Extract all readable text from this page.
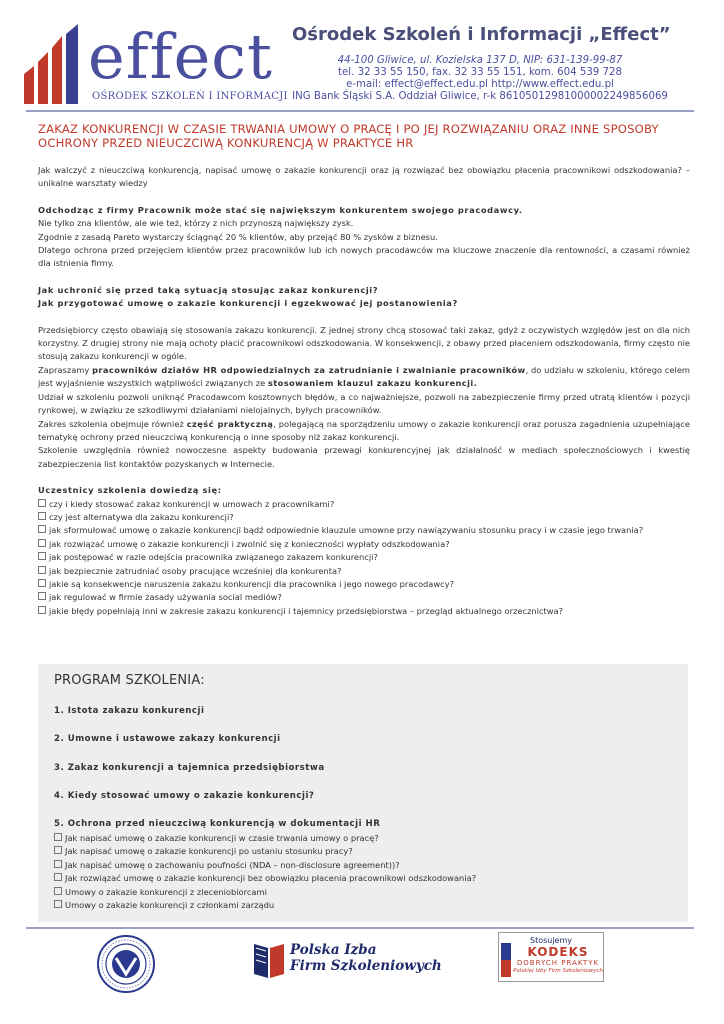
effect
OŚRODEK SZKOLEŃ I INFORMACJI
Ośrodek Szkoleń i Informacji „Effect”
44-100 Gliwice, ul. Kozielska 137 D, NIP: 631-139-99-87
tel. 32 33 55 150, fax. 32 33 55 151, kom. 604 539 728
e-mail: effect@effect.edu.pl http://www.effect.edu.pl
ING Bank Śląski S.A. Oddział Gliwice, r-k 86105012981000002249856069
ZAKAZ KONKURENCJI W CZASIE TRWANIA UMOWY O PRACĘ I PO JEJ ROZWIĄZANIU ORAZ INNE SPOSOBY OCHRONY PRZED NIEUCZCIWĄ KONKURENCJĄ W PRAKTYCE HR

Jak walczyć z nieuczciwą konkurencją, napisać umowę o zakazie konkurencji oraz ją rozwiązać bez obowiązku płacenia pracownikowi odszkodowania? – unikalne warsztaty wiedzy

Odchodząc z firmy Pracownik może stać się największym konkurentem swojego pracodawcy.

Nie tylko zna klientów, ale wie też, którzy z nich przynoszą największy zysk.

Zgodnie z zasadą Pareto wystarczy ściągnąć 20 % klientów, aby przejąć 80 % zysków z biznesu.

Dlatego ochrona przed przejęciem klientów przez pracowników lub ich nowych pracodawców ma kluczowe znaczenie dla rentowności, a czasami również dla istnienia firmy.

Jak uchronić się przed taką sytuacją stosując zakaz konkurencji?

Jak przygotować umowę o zakazie konkurencji i egzekwować jej postanowienia?

Przedsiębiorcy często obawiają się stosowania zakazu konkurencji. Z jednej strony chcą stosować taki zakaz, gdyż z oczywistych względów jest on dla nich korzystny. Z drugiej strony nie mają ochoty płacić pracownikowi odszkodowania. W konsekwencji, z obawy przed płaceniem odszkodowania, firmy często nie stosują zakazu konkurencji w ogóle.

Zapraszamy pracowników działów HR odpowiedzialnych za zatrudnianie i zwalnianie pracowników, do udziału w szkoleniu, którego celem jest wyjaśnienie wszystkich wątpliwości związanych ze stosowaniem klauzul zakazu konkurencji.

Udział w szkoleniu pozwoli uniknąć Pracodawcom kosztownych błędów, a co najważniejsze, pozwoli na zabezpieczenie firmy przed utratą klientów i pozycji rynkowej, w związku ze szkodliwymi działaniami nielojalnych, byłych pracowników.

Zakres szkolenia obejmuje również część praktyczną, polegającą na sporządzeniu umowy o zakazie konkurencji oraz porusza zagadnienia uzupełniające tematykę ochrony przed nieuczciwą konkurencją o inne sposoby niż zakaz konkurencji.

Szkolenie uwzględnia również nowoczesne aspekty budowania przewagi konkurencyjnej jak działalność w mediach społecznościowych i kwestię zabezpieczenia list kontaktów pozyskanych w Internecie.

Uczestnicy szkolenia dowiedzą się:

czy i kiedy stosować zakaz konkurencji w umowach z pracownikami?
czy jest alternatywa dla zakazu konkurencji?
jak sformułować umowę o zakazie konkurencji bądź odpowiednie klauzule umowne przy nawiązywaniu stosunku pracy i w czasie jego trwania?
jak rozwiązać umowę o zakazie konkurencji i zwolnić się z konieczności wypłaty odszkodowania?
jak postępować w razie odejścia pracownika związanego zakazem konkurencji?
jak bezpiecznie zatrudniać osoby pracujące wcześniej dla konkurenta?
jakie są konsekwencje naruszenia zakazu konkurencji dla pracownika i jego nowego pracodawcy?
jak regulować w firmie zasady używania social mediów?
jakie błędy popełniają inni w zakresie zakazu konkurencji i tajemnicy przedsiębiorstwa – przegląd aktualnego orzecznictwa?
PROGRAM SZKOLENIA:
1. Istota zakazu konkurencji
2. Umowne i ustawowe zakazy konkurencji
3. Zakaz konkurencji a tajemnica przedsiębiorstwa
4. Kiedy stosować umowy o zakazie konkurencji?
5. Ochrona przed nieuczciwą konkurencją w dokumentacji HR
Jak napisać umowę o zakazie konkurencji w czasie trwania umowy o pracę?
Jak napisać umowę o zakazie konkurencji po ustaniu stosunku pracy?
Jak napisać umowę o zachowaniu poufności (NDA – non-disclosure agreement))?
Jak rozwiązać umowę o zakazie konkurencji bez obowiązku płacenia pracownikowi odszkodowania?
Umowy o zakazie konkurencji z zleceniobiorcami
Umowy o zakazie konkurencji z członkami zarządu
Polska Izba
Firm Szkoleniowych
Stosujemy
KODEKS
DOBRYCH PRAKTYK
Polskiej Izby Firm Szkoleniowych
